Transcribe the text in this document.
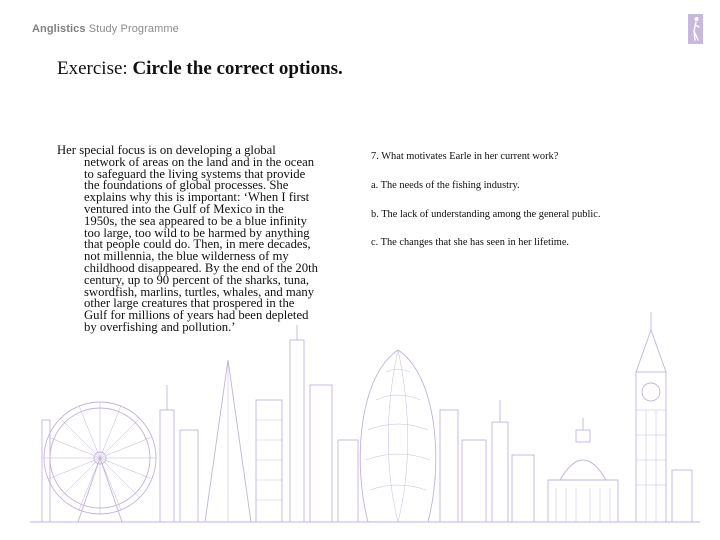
Anglistics Study Programme
Exercise: Circle the correct options.
Her special focus is on developing a global
network of areas on the land and in the ocean
to safeguard the living systems that provide
the foundations of global processes. She
explains why this is important: ‘When I first
ventured into the Gulf of Mexico in the
1950s, the sea appeared to be a blue infinity
too large, too wild to be harmed by anything
that people could do. Then, in mere decades,
not millennia, the blue wilderness of my
childhood disappeared. By the end of the 20th
century, up to 90 percent of the sharks, tuna,
swordfish, marlins, turtles, whales, and many
other large creatures that prospered in the
Gulf for millions of years had been depleted
by overfishing and pollution.’
7. What motivates Earle in her current work?
a. The needs of the fishing industry.
b. The lack of understanding among the general public.
c. The changes that she has seen in her lifetime.
